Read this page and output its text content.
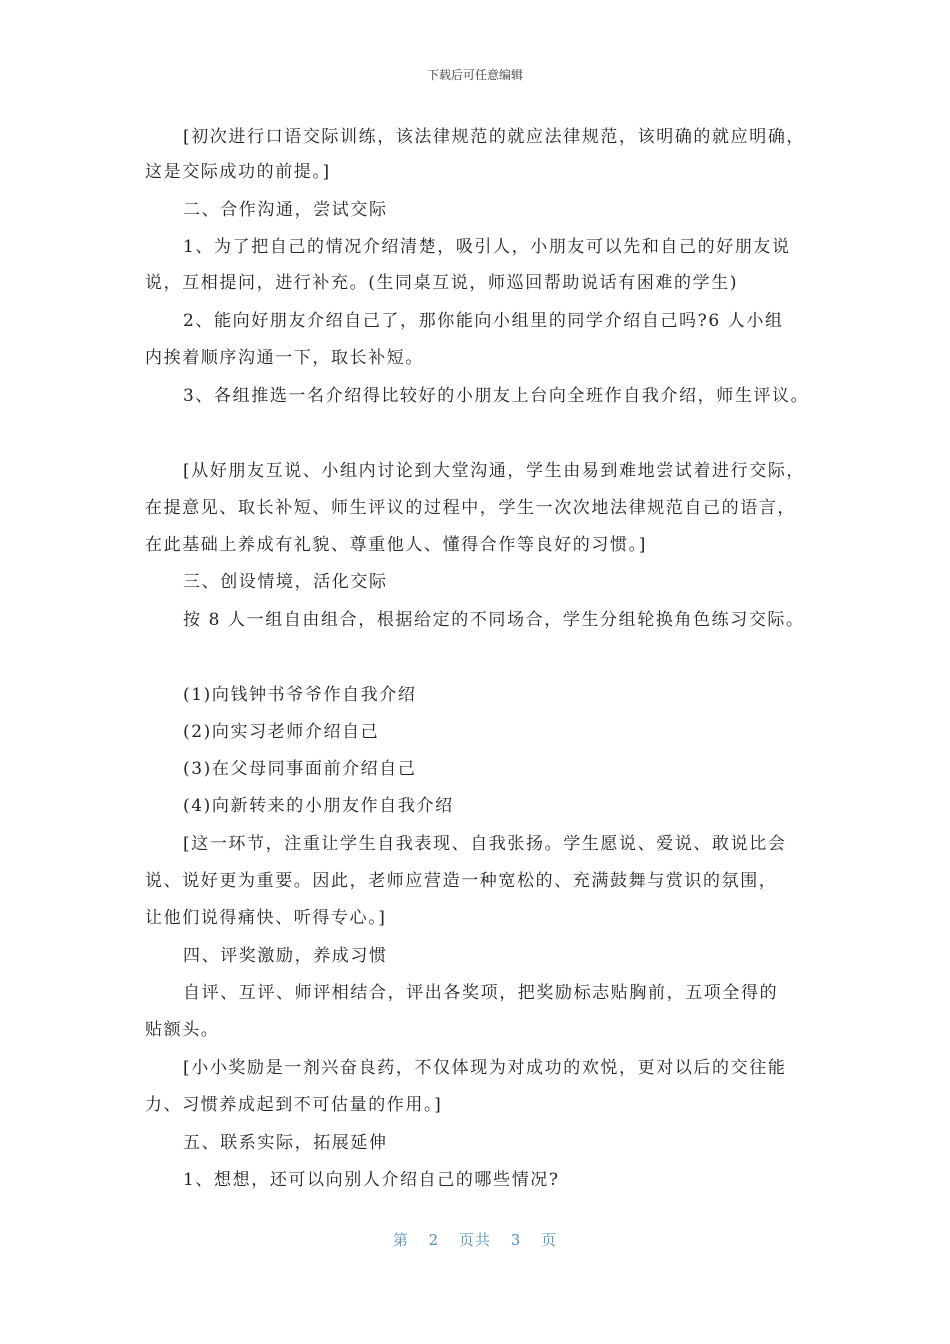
下载后可任意编辑
[初次进行口语交际训练，该法律规范的就应法律规范，该明确的就应明确，
这是交际成功的前提。]
二、合作沟通，尝试交际
1、为了把自己的情况介绍清楚，吸引人，小朋友可以先和自己的好朋友说
说，互相提问，进行补充。(生同桌互说，师巡回帮助说话有困难的学生)
2、能向好朋友介绍自己了，那你能向小组里的同学介绍自己吗?6 人小组
内挨着顺序沟通一下，取长补短。
3、各组推选一名介绍得比较好的小朋友上台向全班作自我介绍，师生评议。
[从好朋友互说、小组内讨论到大堂沟通，学生由易到难地尝试着进行交际，
在提意见、取长补短、师生评议的过程中，学生一次次地法律规范自己的语言，
在此基础上养成有礼貌、尊重他人、懂得合作等良好的习惯。]
三、创设情境，活化交际
按 8 人一组自由组合，根据给定的不同场合，学生分组轮换角色练习交际。
(1)向钱钟书爷爷作自我介绍
(2)向实习老师介绍自己
(3)在父母同事面前介绍自己
(4)向新转来的小朋友作自我介绍
[这一环节，注重让学生自我表现、自我张扬。学生愿说、爱说、敢说比会
说、说好更为重要。因此，老师应营造一种宽松的、充满鼓舞与赏识的氛围，
让他们说得痛快、听得专心。]
四、评奖激励，养成习惯
自评、互评、师评相结合，评出各奖项，把奖励标志贴胸前，五项全得的
贴额头。
[小小奖励是一剂兴奋良药，不仅体现为对成功的欢悦，更对以后的交往能
力、习惯养成起到不可估量的作用。]
五、联系实际，拓展延伸
1、想想，还可以向别人介绍自己的哪些情况?
第 2 页共 3 页
